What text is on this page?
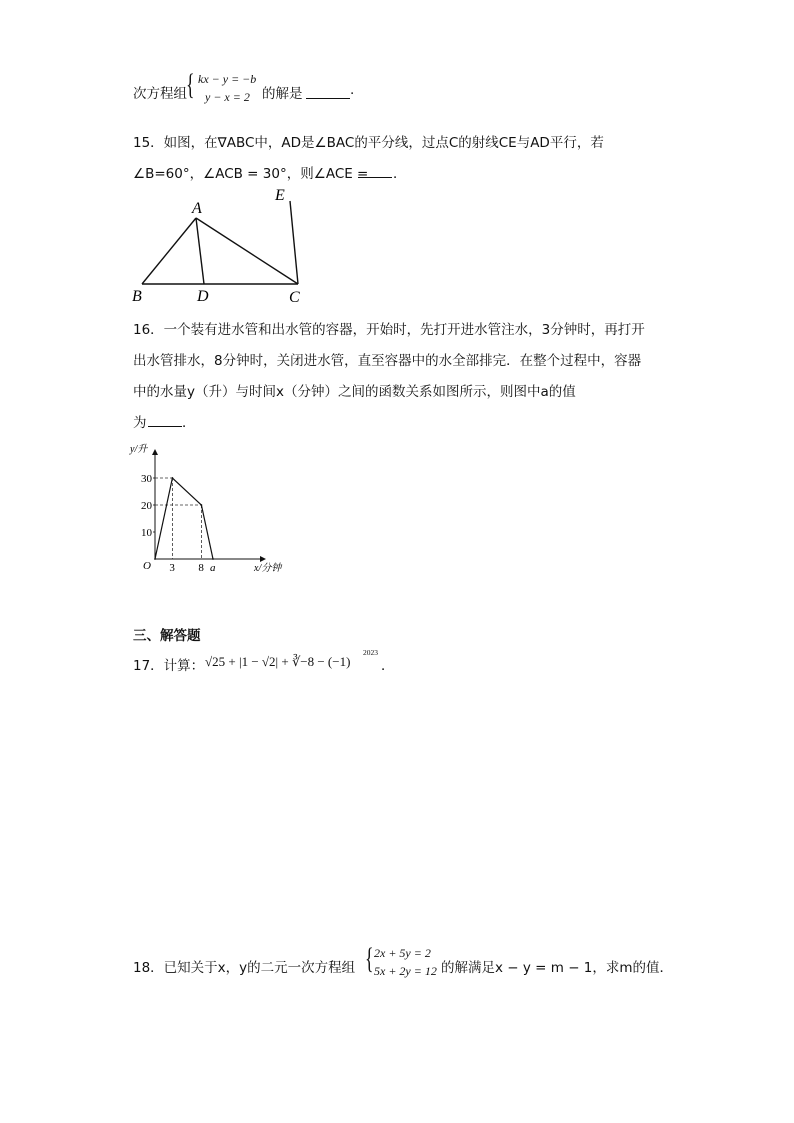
次方程组 { kx − y = −b
y − x = 2 的解是	.
15．如图，在∇ABC中，AD是∠BAC的平分线，过点C的射线CE与AD平行，若
∠B=60°，∠ACB = 30°，则∠ACE = ．
A
B	D	C
E
16．一个装有进水管和出水管的容器，开始时，先打开进水管注水，3分钟时，再打开
出水管排水，8分钟时，关闭进水管，直至容器中的水全部排完．在整个过程中，容器
中的水量y（升）与时间x（分钟）之间的函数关系如图所示，则图中a的值
为	．
10
20
30
3 8 a
y/升
x/分钟
O
三、解答题
17．计算： √25 + |1 − √2| + ∛−8 − (−1)
2023
．
18．已知关于x，y的二元一次方程组 { 2x + 5y = 2
5x + 2y = 12 的解满足x − y = m − 1，求m的值．
